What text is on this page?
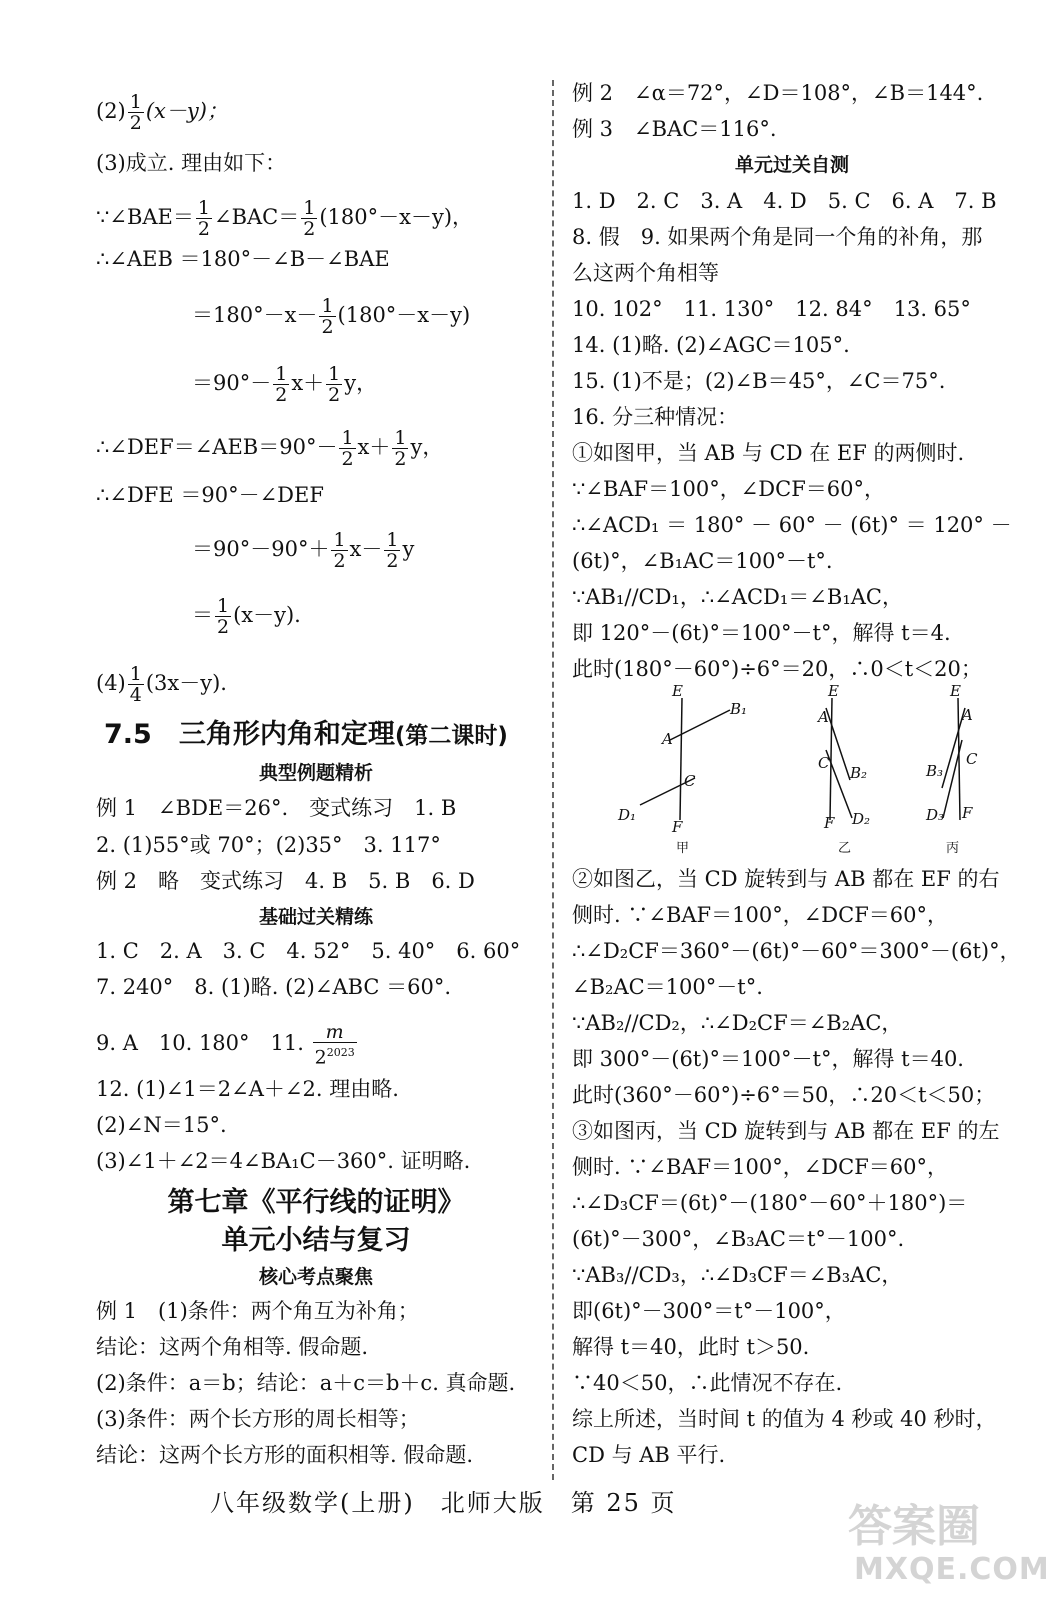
$(2) \frac{1}{2} (x-y)$；
(3)成立. 理由如下：
∵∠BAE＝ $\frac{1}{2}$ ∠BAC＝ $\frac{1}{2} (180^\circ-x-y)$，
∴∠AEB ＝180°－∠B－∠BAE
$=180^\circ-x- \frac{1}{2} (180^\circ-x-y)$
$=90^\circ- \frac{1}{2} x+ \frac{1}{2}$ y，
∴∠DEF＝∠AEB＝90°－ $\frac{1}{2} x+ \frac{1}{2}$ y，
∴∠DFE ＝90°－∠DEF
$=90^\circ-90^\circ+ \frac{1}{2} x- \frac{1}{2}$ y
＝ $\frac{1}{2} (x-y)$.
$(4) \frac{1}{4} (3x-y)$.
7.5　三角形内角和定理(第二课时)
典型例题精析
例 1　∠BDE＝26°.　变式练习　1. B
2. (1)55°或 70°；(2)35°　3. 117°
例 2　略　变式练习　4. B　5. B　6. D
基础过关精练
1. C　2. A　3. C　4. 52°　5. 40°　6. 60°
7. 240°　8. (1)略. (2)∠ABC ＝60°.
9. A　10. 180°　11. $\frac{m}{2^{2023}}$
12. (1)∠1＝2∠A＋∠2. 理由略.
(2)∠N＝15°.
(3)∠1＋∠2＝4∠BA₁C－360°. 证明略.
第七章《平行线的证明》
单元小结与复习
核心考点聚焦
例 1　(1)条件：两个角互为补角；
结论：这两个角相等. 假命题.
(2)条件：a＝b；结论：a＋c＝b＋c. 真命题.
(3)条件：两个长方形的周长相等；
结论：这两个长方形的面积相等. 假命题.
例 2　∠α＝72°，∠D＝108°，∠B＝144°.
例 3　∠BAC＝116°.
单元过关自测
1. D　2. C　3. A　4. D　5. C　6. A　7. B
8. 假　9. 如果两个角是同一个角的补角，那
么这两个角相等
10. 102°　11. 130°　12. 84°　13. 65°
14. (1)略. (2)∠AGC＝105°.
15. (1)不是；(2)∠B＝45°，∠C＝75°.
16. 分三种情况：
①如图甲，当 AB 与 CD 在 EF 的两侧时.
∵∠BAF＝100°，∠DCF＝60°，
∴∠ACD₁ ＝ 180° － 60° － (6t)° ＝ 120° －
(6t)°，∠B₁AC＝100°－t°.
∵AB₁//CD₁，∴∠ACD₁＝∠B₁AC，
即 120°－(6t)°＝100°－t°，解得 t＝4.
此时(180°－60°)÷6°＝20，∴0＜t＜20；
E
B₁
A
C
D₁
F
甲
E
A
C
B₂
F D₂
乙
E
A
C
B₃
D₃ F
丙
②如图乙，当 CD 旋转到与 AB 都在 EF 的右
侧时. ∵∠BAF＝100°，∠DCF＝60°，
∴∠D₂CF＝360°－(6t)°－60°＝300°－(6t)°，
∠B₂AC＝100°－t°.
∵AB₂//CD₂，∴∠D₂CF＝∠B₂AC，
即 300°－(6t)°＝100°－t°，解得 t＝40.
此时(360°－60°)÷6°＝50，∴20＜t＜50；
③如图丙，当 CD 旋转到与 AB 都在 EF 的左
侧时. ∵∠BAF＝100°，∠DCF＝60°，
∴∠D₃CF＝(6t)°－(180°－60°＋180°)＝
(6t)°－300°，∠B₃AC＝t°－100°.
∵AB₃//CD₃，∴∠D₃CF＝∠B₃AC，
即(6t)°－300°＝t°－100°，
解得 t＝40，此时 t＞50.
∵40＜50，∴此情况不存在.
综上所述，当时间 t 的值为 4 秒或 40 秒时，
CD 与 AB 平行.
八年级数学(上册)　北师大版　第 25 页	答案圈
MXQE.COM
